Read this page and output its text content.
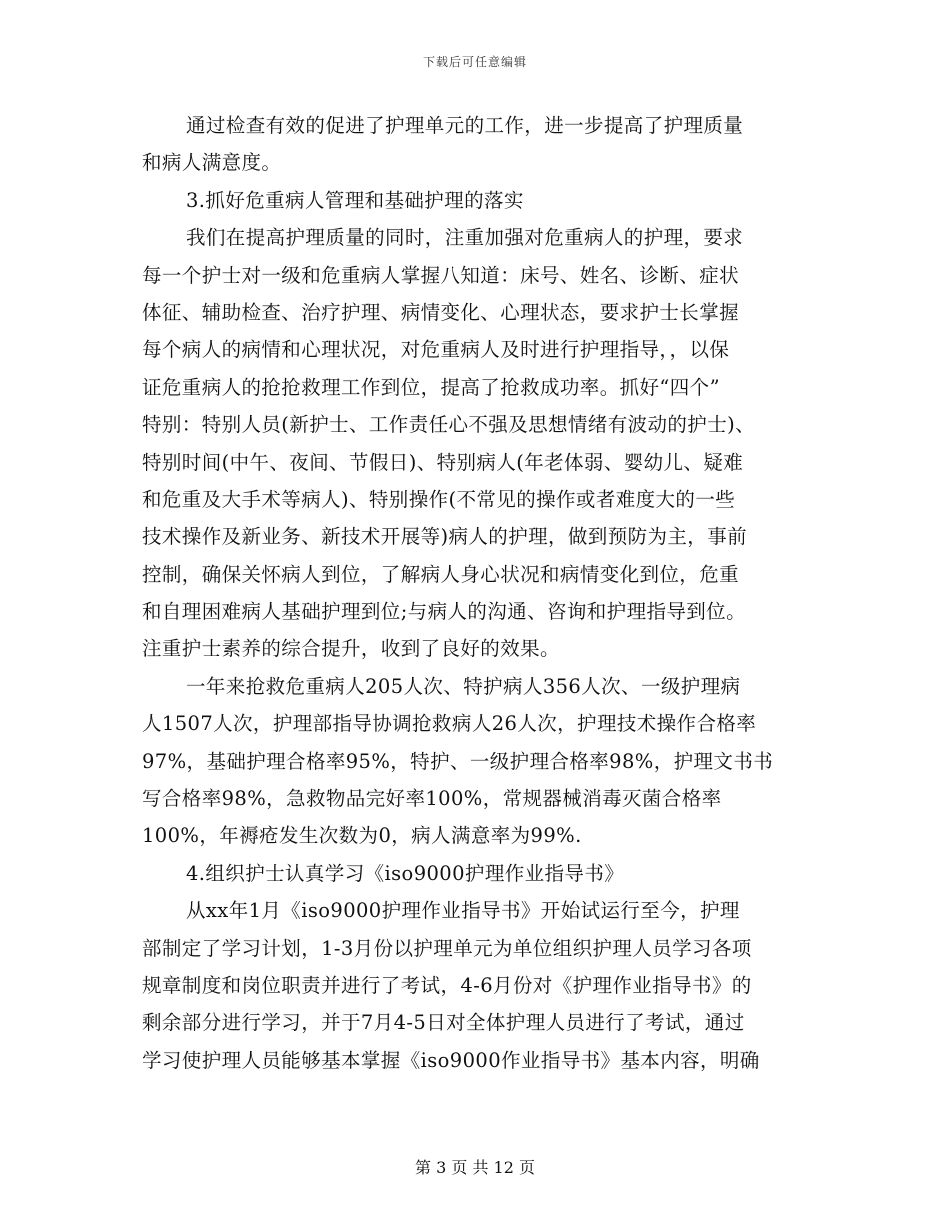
下载后可任意编辑
通过检查有效的促进了护理单元的工作，进一步提高了护理质量
和病人满意度。
3.抓好危重病人管理和基础护理的落实
我们在提高护理质量的同时，注重加强对危重病人的护理，要求
每一个护士对一级和危重病人掌握八知道：床号、姓名、诊断、症状
体征、辅助检查、治疗护理、病情变化、心理状态，要求护士长掌握
每个病人的病情和心理状况，对危重病人及时进行护理指导，，以保
证危重病人的抢抢救理工作到位，提高了抢救成功率。抓好“四个”
特别：特别人员(新护士、工作责任心不强及思想情绪有波动的护士)、
特别时间(中午、夜间、节假日)、特别病人(年老体弱、婴幼儿、疑难
和危重及大手术等病人)、特别操作(不常见的操作或者难度大的一些
技术操作及新业务、新技术开展等)病人的护理，做到预防为主，事前
控制，确保关怀病人到位，了解病人身心状况和病情变化到位，危重
和自理困难病人基础护理到位;与病人的沟通、咨询和护理指导到位。
注重护士素养的综合提升，收到了良好的效果。
一年来抢救危重病人205人次、特护病人356人次、一级护理病
人1507人次，护理部指导协调抢救病人26人次，护理技术操作合格率
97%，基础护理合格率95%，特护、一级护理合格率98%，护理文书书
写合格率98%，急救物品完好率100%，常规器械消毒灭菌合格率
100%，年褥疮发生次数为0，病人满意率为99%.
4.组织护士认真学习《iso9000护理作业指导书》
从xx年1月《iso9000护理作业指导书》开始试运行至今，护理
部制定了学习计划，1-3月份以护理单元为单位组织护理人员学习各项
规章制度和岗位职责并进行了考试，4-6月份对《护理作业指导书》的
剩余部分进行学习，并于7月4-5日对全体护理人员进行了考试，通过
学习使护理人员能够基本掌握《iso9000作业指导书》基本内容，明确
第 3 页 共 12 页
